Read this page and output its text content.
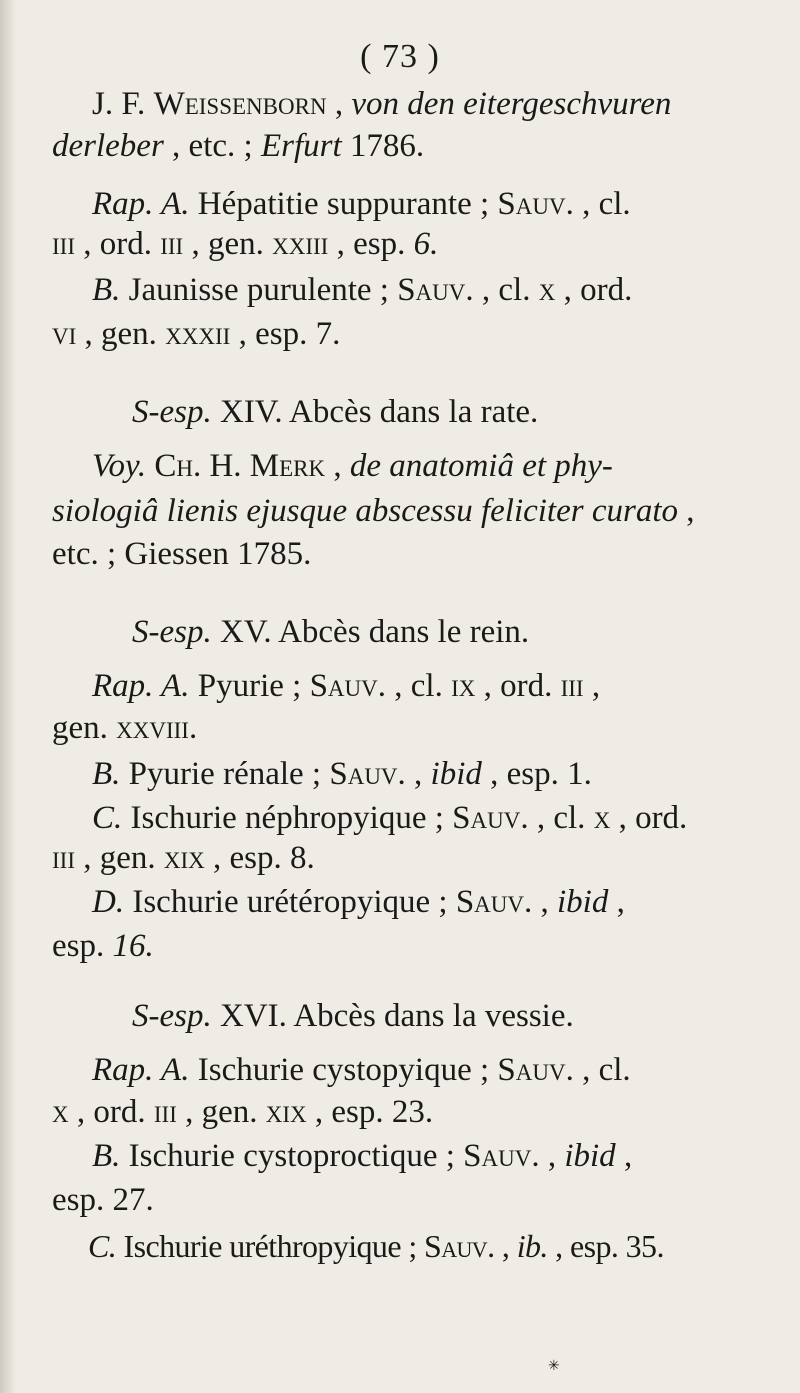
( 73 )
J. F. Weissenborn , von den eitergeschvuren
derleber , etc. ; Erfurt 1786.
Rap. A. Hépatitie suppurante ; Sauv. , cl.
iii , ord. iii , gen. xxiii , esp. 6.
B. Jaunisse purulente ; Sauv. , cl. x , ord.
vi , gen. xxxii , esp. 7.
S-esp. XIV. Abcès dans la rate.
Voy. Ch. H. Merk , de anatomiâ et phy-
siologiâ lienis ejusque abscessu feliciter curato ,
etc. ; Giessen 1785.
S-esp. XV. Abcès dans le rein.
Rap. A. Pyurie ; Sauv. , cl. ix , ord. iii ,
gen. xxviii.
B. Pyurie rénale ; Sauv. , ibid , esp. 1.
C. Ischurie néphropyique ; Sauv. , cl. x , ord.
iii , gen. xix , esp. 8.
D. Ischurie urétéropyique ; Sauv. , ibid ,
esp. 16.
S-esp. XVI. Abcès dans la vessie.
Rap. A. Ischurie cystopyique ; Sauv. , cl.
x , ord. iii , gen. xix , esp. 23.
B. Ischurie cystoproctique ; Sauv. , ibid ,
esp. 27.
C. Ischurie uréthropyique ; Sauv. , ib. , esp. 35.
✳
